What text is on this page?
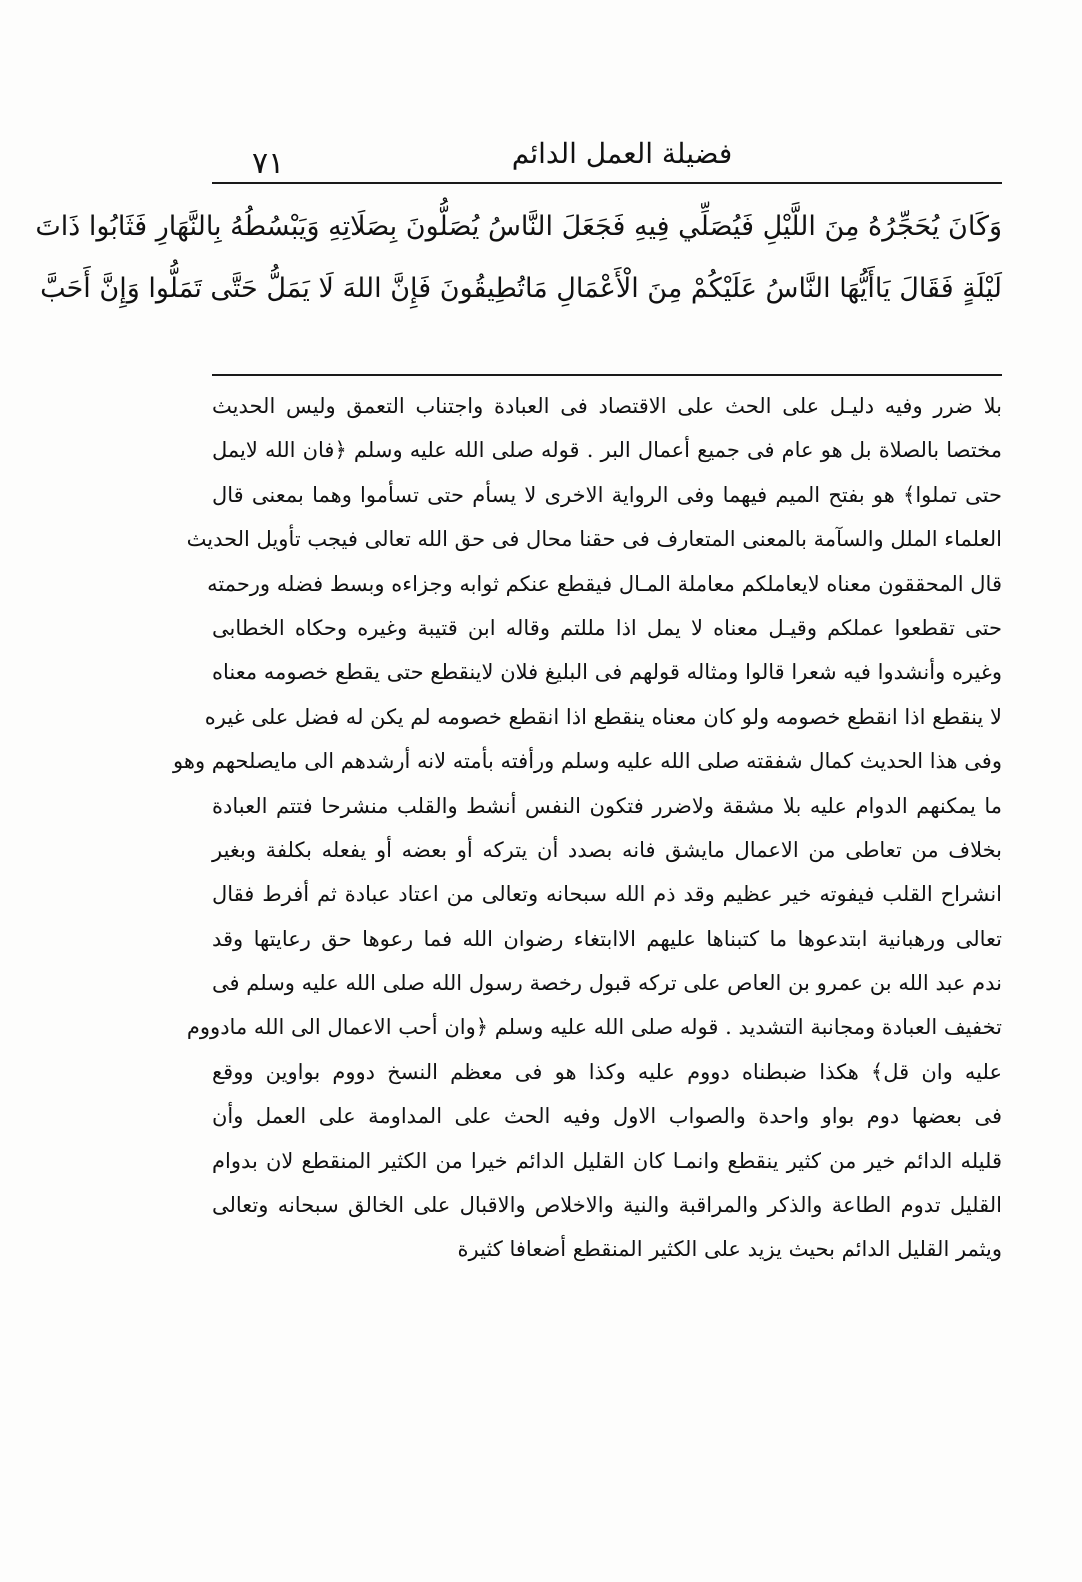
٧١	فضيلة العمل الدائم
وَكَانَ يُحَجِّرُهُ مِنَ اللَّيْلِ فَيُصَلِّي فِيهِ فَجَعَلَ النَّاسُ يُصَلُّونَ بِصَلَاتِهِ وَيَبْسُطُهُ بِالنَّهَارِ فَثَابُوا ذَاتَ
لَيْلَةٍ فَقَالَ يَاأَيُّهَا النَّاسُ عَلَيْكُمْ مِنَ الْأَعْمَالِ مَاتُطِيقُونَ فَإِنَّ اللهَ لَا يَمَلُّ حَتَّى تَمَلُّوا وَإِنَّ أَحَبَّ
بلا ضرر وفيه دليـل على الحث على الاقتصاد فى العبادة واجتناب التعمق وليس الحديث
مختصا بالصلاة بل هو عام فى جميع أعمال البر . قوله صلى الله عليه وسلم ﴿فان الله لايمل
حتى تملوا﴾ هو بفتح الميم فيهما وفى الرواية الاخرى لا يسأم حتى تسأموا وهما بمعنى قال
العلماء الملل والسآمة بالمعنى المتعارف فى حقنا محال فى حق الله تعالى فيجب تأويل الحديث
قال المحققون معناه لايعاملكم معاملة المـال فيقطع عنكم ثوابه وجزاءه وبسط فضله ورحمته
حتى تقطعوا عملكم وقيـل معناه لا يمل اذا مللتم وقاله ابن قتيبة وغيره وحكاه الخطابى
وغيره وأنشدوا فيه شعرا قالوا ومثاله قولهم فى البليغ فلان لاينقطع حتى يقطع خصومه معناه
لا ينقطع اذا انقطع خصومه ولو كان معناه ينقطع اذا انقطع خصومه لم يكن له فضل على غيره
وفى هذا الحديث كمال شفقته صلى الله عليه وسلم ورأفته بأمته لانه أرشدهم الى مايصلحهم وهو
ما يمكنهم الدوام عليه بلا مشقة ولاضرر فتكون النفس أنشط والقلب منشرحا فتتم العبادة
بخلاف من تعاطى من الاعمال مايشق فانه بصدد أن يتركه أو بعضه أو يفعله بكلفة وبغير
انشراح القلب فيفوته خير عظيم وقد ذم الله سبحانه وتعالى من اعتاد عبادة ثم أفرط فقال
تعالى ورهبانية ابتدعوها ما كتبناها عليهم الاابتغاء رضوان الله فما رعوها حق رعايتها وقد
ندم عبد الله بن عمرو بن العاص على تركه قبول رخصة رسول الله صلى الله عليه وسلم فى
تخفيف العبادة ومجانبة التشديد . قوله صلى الله عليه وسلم ﴿وان أحب الاعمال الى الله مادووم
عليه وان قل﴾ هكذا ضبطناه دووم عليه وكذا هو فى معظم النسخ دووم بواوين ووقع
فى بعضها دوم بواو واحدة والصواب الاول وفيه الحث على المداومة على العمل وأن
قليله الدائم خير من كثير ينقطع وانمـا كان القليل الدائم خيرا من الكثير المنقطع لان بدوام
القليل تدوم الطاعة والذكر والمراقبة والنية والاخلاص والاقبال على الخالق سبحانه وتعالى
ويثمر القليل الدائم بحيث يزيد على الكثير المنقطع أضعافا كثيرة
